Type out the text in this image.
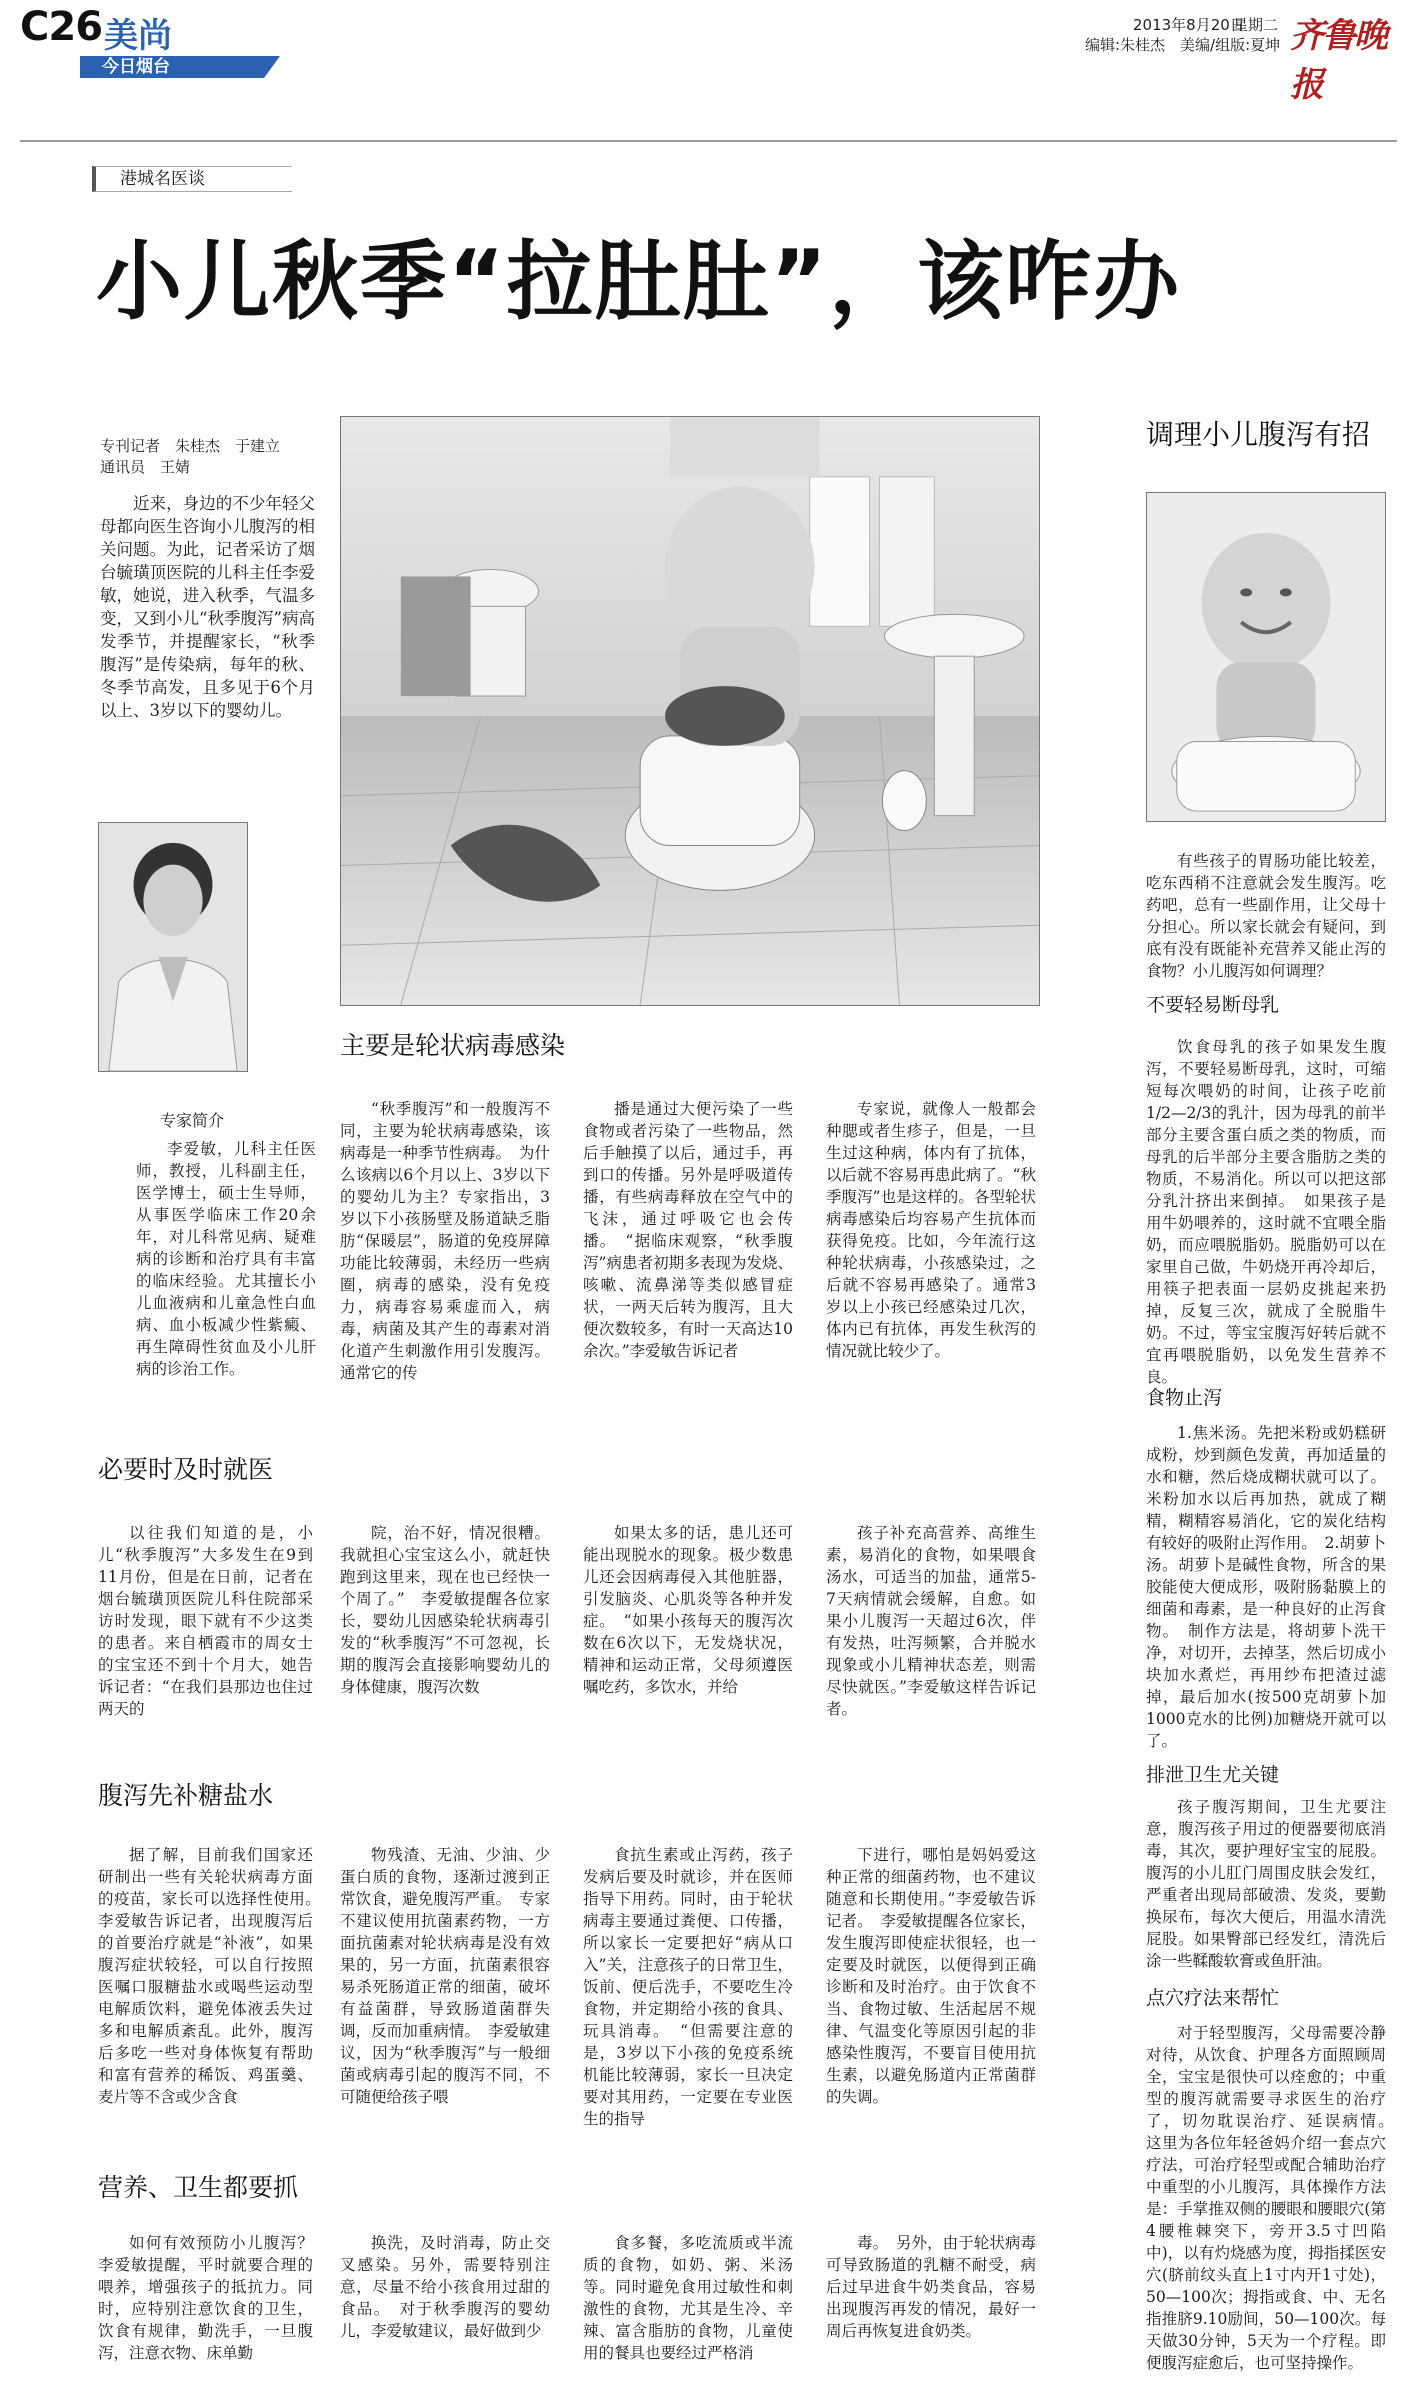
C26 美尚
今日烟台
2013年8月20日
星期二
编辑:朱桂杰　美编/组版:夏坤 齐鲁晚报
港城名医谈
小儿秋季“拉肚肚”，该咋办
专刊记者　朱桂杰　于建立
通讯员　王婧

近来，身边的不少年轻父母都向医生咨询小儿腹泻的相关问题。为此，记者采访了烟台毓璜顶医院的儿科主任李爱敏，她说，进入秋季，气温多变，又到小儿“秋季腹泻”病高发季节，并提醒家长，“秋季腹泻”是传染病，每年的秋、冬季节高发，且多见于6个月以上、3岁以下的婴幼儿。

专家简介

李爱敏，儿科主任医师，教授，儿科副主任，医学博士，硕士生导师，从事医学临床工作20余年，对儿科常见病、疑难病的诊断和治疗具有丰富的临床经验。尤其擅长小儿血液病和儿童急性白血病、血小板减少性紫癜、再生障碍性贫血及小儿肝病的诊治工作。

主要是轮状病毒感染

“秋季腹泻”和一般腹泻不同，主要为轮状病毒感染，该病毒是一种季节性病毒。　为什么该病以6个月以上、3岁以下的婴幼儿为主？专家指出，3岁以下小孩肠壁及肠道缺乏脂肪“保暖层”，肠道的免疫屏障功能比较薄弱，未经历一些病圈，病毒的感染，没有免疫力，病毒容易乘虚而入，病毒，病菌及其产生的毒素对消化道产生刺激作用引发腹泻。通常它的传

播是通过大便污染了一些食物或者污染了一些物品，然后手触摸了以后，通过手，再到口的传播。另外是呼吸道传播，有些病毒释放在空气中的飞沫，通过呼吸它也会传播。　“据临床观察，“秋季腹泻”病患者初期多表现为发烧、咳嗽、流鼻涕等类似感冒症状，一两天后转为腹泻，且大便次数较多，有时一天高达10余次。”李爱敏告诉记者

专家说，就像人一般都会种腮或者生疹子，但是，一旦生过这种病，体内有了抗体，以后就不容易再患此病了。“秋季腹泻”也是这样的。各型轮状病毒感染后均容易产生抗体而获得免疫。比如，今年流行这种轮状病毒，小孩感染过，之后就不容易再感染了。通常3岁以上小孩已经感染过几次，体内已有抗体，再发生秋泻的情况就比较少了。

必要时及时就医

以往我们知道的是，小儿“秋季腹泻”大多发生在9到11月份，但是在日前，记者在烟台毓璜顶医院儿科住院部采访时发现，眼下就有不少这类的患者。来自栖霞市的周女士的宝宝还不到十个月大，她告诉记者：“在我们县那边也住过两天的

院，治不好，情况很糟。我就担心宝宝这么小，就赶快跑到这里来，现在也已经快一个周了。”　李爱敏提醒各位家长，婴幼儿因感染轮状病毒引发的“秋季腹泻”不可忽视，长期的腹泻会直接影响婴幼儿的身体健康，腹泻次数

如果太多的话，患儿还可能出现脱水的现象。极少数患儿还会因病毒侵入其他脏器，引发脑炎、心肌炎等各种并发症。　“如果小孩每天的腹泻次数在6次以下，无发烧状况，精神和运动正常，父母须遵医嘱吃药，多饮水，并给

孩子补充高营养、高维生素，易消化的食物，如果喂食汤水，可适当的加盐，通常5-7天病情就会缓解，自愈。如果小儿腹泻一天超过6次，伴有发热，吐泻频繁，合并脱水现象或小儿精神状态差，则需尽快就医。”李爱敏这样告诉记者。

腹泻先补糖盐水

据了解，目前我们国家还研制出一些有关轮状病毒方面的疫苗，家长可以选择性使用。　李爱敏告诉记者，出现腹泻后的首要治疗就是“补液”，如果腹泻症状较轻，可以自行按照医嘱口服糖盐水或喝些运动型电解质饮料，避免体液丢失过多和电解质紊乱。此外，腹泻后多吃一些对身体恢复有帮助和富有营养的稀饭、鸡蛋羹、麦片等不含或少含食

物残渣、无油、少油、少蛋白质的食物，逐渐过渡到正常饮食，避免腹泻严重。　专家不建议使用抗菌素药物，一方面抗菌素对轮状病毒是没有效果的，另一方面，抗菌素很容易杀死肠道正常的细菌，破坏有益菌群，导致肠道菌群失调，反而加重病情。　李爱敏建议，因为“秋季腹泻”与一般细菌或病毒引起的腹泻不同，不可随便给孩子喂

食抗生素或止泻药，孩子发病后要及时就诊，并在医师指导下用药。同时，由于轮状病毒主要通过粪便、口传播，所以家长一定要把好“病从口入”关，注意孩子的日常卫生，饭前、便后洗手，不要吃生冷食物，并定期给小孩的食具、玩具消毒。　“但需要注意的是，3岁以下小孩的免疫系统机能比较薄弱，家长一旦决定要对其用药，一定要在专业医生的指导

下进行，哪怕是妈妈爱这种正常的细菌药物，也不建议随意和长期使用。”李爱敏告诉记者。　李爱敏提醒各位家长，发生腹泻即使症状很轻，也一定要及时就医，以便得到正确诊断和及时治疗。由于饮食不当、食物过敏、生活起居不规律、气温变化等原因引起的非感染性腹泻，不要盲目使用抗生素，以避免肠道内正常菌群的失调。

营养、卫生都要抓

如何有效预防小儿腹泻？李爱敏提醒，平时就要合理的喂养，增强孩子的抵抗力。同时，应特别注意饮食的卫生，饮食有规律，勤洗手，一旦腹泻，注意衣物、床单勤

换洗，及时消毒，防止交叉感染。另外，需要特别注意，尽量不给小孩食用过甜的食品。　对于秋季腹泻的婴幼儿，李爱敏建议，最好做到少

食多餐，多吃流质或半流质的食物，如奶、粥、米汤等。同时避免食用过敏性和刺激性的食物，尤其是生冷、辛辣、富含脂肪的食物，儿童使用的餐具也要经过严格消

毒。　另外，由于轮状病毒可导致肠道的乳糖不耐受，病后过早进食牛奶类食品，容易出现腹泻再发的情况，最好一周后再恢复进食奶类。

调理小儿腹泻有招

有些孩子的胃肠功能比较差，吃东西稍不注意就会发生腹泻。吃药吧，总有一些副作用，让父母十分担心。所以家长就会有疑问，到底有没有既能补充营养又能止泻的食物？小儿腹泻如何调理？

不要轻易断母乳

饮食母乳的孩子如果发生腹泻，不要轻易断母乳，这时，可缩短每次喂奶的时间，让孩子吃前1/2—2/3的乳汁，因为母乳的前半部分主要含蛋白质之类的物质，而母乳的后半部分主要含脂肪之类的物质，不易消化。所以可以把这部分乳汁挤出来倒掉。　如果孩子是用牛奶喂养的，这时就不宜喂全脂奶，而应喂脱脂奶。脱脂奶可以在家里自己做，牛奶烧开再冷却后，用筷子把表面一层奶皮挑起来扔掉，反复三次，就成了全脱脂牛奶。不过，等宝宝腹泻好转后就不宜再喂脱脂奶，以免发生营养不良。

食物止泻

1.焦米汤。先把米粉或奶糕研成粉，炒到颜色发黄，再加适量的水和糖，然后烧成糊状就可以了。米粉加水以后再加热，就成了糊精，糊精容易消化，它的炭化结构有较好的吸附止泻作用。　2.胡萝卜汤。胡萝卜是碱性食物，所含的果胶能使大便成形，吸附肠黏膜上的细菌和毒素，是一种良好的止泻食物。　制作方法是，将胡萝卜洗干净，对切开，去掉茎，然后切成小块加水煮烂，再用纱布把渣过滤掉，最后加水(按500克胡萝卜加1000克水的比例)加糖烧开就可以了。

排泄卫生尤关键

孩子腹泻期间，卫生尤要注意，腹泻孩子用过的便器要彻底消毒，其次，要护理好宝宝的屁股。腹泻的小儿肛门周围皮肤会发红，严重者出现局部破溃、发炎，要勤换尿布，每次大便后，用温水清洗屁股。如果臀部已经发红，清洗后涂一些鞣酸软膏或鱼肝油。

点穴疗法来帮忙

对于轻型腹泻，父母需要冷静对待，从饮食、护理各方面照顾周全，宝宝是很快可以痊愈的；中重型的腹泻就需要寻求医生的治疗了，切勿耽误治疗、延误病情。　这里为各位年轻爸妈介绍一套点穴疗法，可治疗轻型或配合辅助治疗中重型的小儿腹泻，具体操作方法是：手掌推双侧的腰眼和腰眼穴(第4腰椎棘突下，旁开3.5寸凹陷中)，以有灼烧感为度，拇指揉医安穴(脐前纹头直上1寸内开1寸处)，50—100次；拇指或食、中、无名指推脐9.10励间，50—100次。每天做30分钟，5天为一个疗程。即便腹泻症愈后，也可坚持操作。
